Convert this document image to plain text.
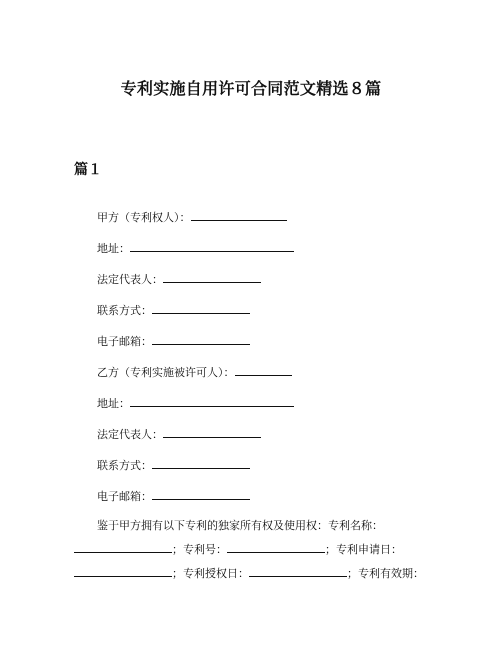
专利实施自用许可合同范文精选８篇
篇１
甲方（专利权人）：
地址：
法定代表人：
联系方式：
电子邮箱：
乙方（专利实施被许可人）：
地址：
法定代表人：
联系方式：
电子邮箱：
鉴于甲方拥有以下专利的独家所有权及使用权：专利名称：
；专利号：	；专利申请日：
；专利授权日：	；专利有效期：
